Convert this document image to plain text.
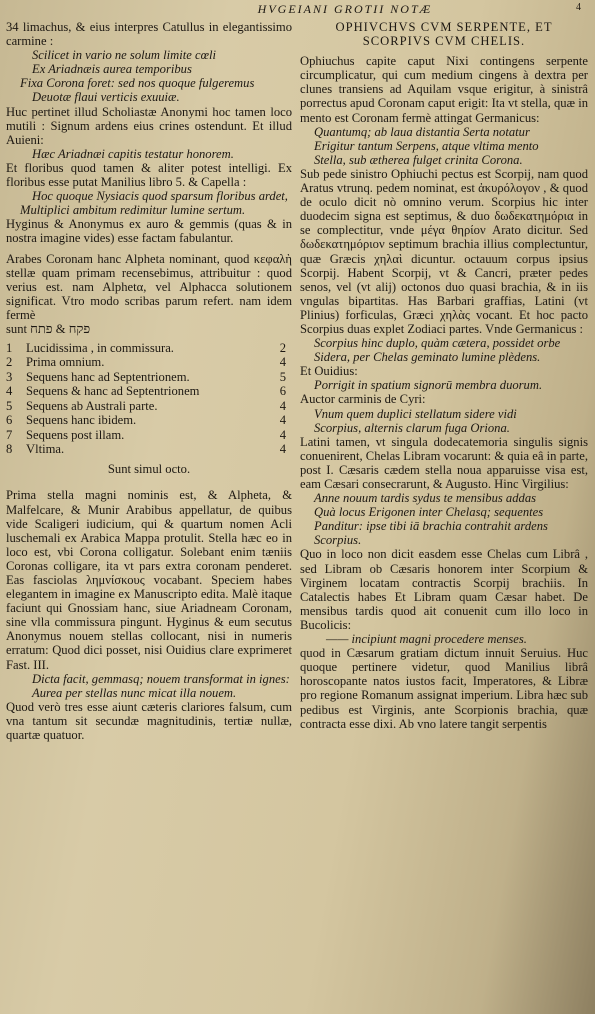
HVGEIANI GROTII NOTÆ	4

34 limachus, & eius interpres Catullus in elegantissimo carmine :

Scilicet in vario ne solum limite cœli

Ex Ariadnæis aurea temporibus

Fixa Corona foret: sed nos quoque fulgeremus

Deuotæ flaui verticis exuuiæ.

Huc pertinet illud Scholiastæ Anonymi hoc tamen loco mutili : Signum ardens eius crines ostendunt. Et illud Auieni:

Hæc Ariadnæi capitis testatur honorem.

Et floribus quod tamen & aliter potest intelligi. Ex floribus esse putat Manilius libro 5. & Capella :

Hoc quoque Nysiacis quod sparsum floribus ardet,

Multiplici ambitum redimitur lumine sertum.

Hyginus & Anonymus ex auro & gemmis (quas & in nostra imagine vides) esse factam fabulantur.

Arabes Coronam hanc Alpheta nominant, quod κεφαλὴ stellæ quam primam recensebimus, attribuitur : quod verius est. nam Alphetα, vel Alphacca solutionem significat. Vtro modo scribas parum refert. nam idem fermè

sunt	פקח & פתח

1	Lucidissima , in commissura.	2
2	Prima omnium.	4
3	Sequens hanc ad Septentrionem.	5
4	Sequens & hanc ad Septentrionem	6
5	Sequens ab Australi parte.	4
6	Sequens hanc ibidem.	4
7	Sequens post illam.	4
8	Vltima.	4

Sunt simul octo.

Prima stella magni nominis est, & Alpheta, & Malfelcare, & Munir Arabibus appellatur, de quibus vide Scaligeri iudicium, qui & quartum nomen Acli luschemali ex Arabica Mappa protulit. Stella hæc eo in loco est, vbi Corona colligatur. Solebant enim tæniis Coronas colligare, ita vt pars extra coronam penderet. Eas fasciolas λημνίσκους vocabant. Speciem habes elegantem in imagine ex Manuscripto edita. Malè itaque faciunt qui Gnossiam hanc, siue Ariadneam Coronam, sine vlla commissura pingunt. Hyginus & eum secutus Anonymus nouem stellas collocant, nisi in numeris erratum: Quod dici posset, nisi Ouidius clare exprimeret Fast. III.

Dicta facit, gemmasq; nouem transformat in ignes:

Aurea per stellas nunc micat illa nouem.

Quod verò tres esse aiunt cæteris clariores falsum, cum vna tantum sit secundæ magnitudinis, tertiæ nullæ, quartæ quatuor.

OPHIVCHVS CVM SERPENTE, ET

SCORPIVS CVM CHELIS.

Ophiuchus capite caput Nixi contingens serpente circumplicatur, qui cum medium cingens à dextra per clunes transiens ad Aquilam vsque erigitur, à sinistrâ porrectus apud Coronam caput erigit: Ita vt stella, quæ in mento est Coronam fermè attingat Germanicus:

Quantumq; ab laua distantia Serta notatur

Erigitur tantum Serpens, atque vltima mento

Stella, sub ætherea fulget crinita Corona.

Sub pede sinistro Ophiuchi pectus est Scorpij, nam quod Aratus vtrunq. pedem nominat, est ἀκυρόλογον , & quod de oculo dicit nò omnino verum. Scorpius hic inter duodecim signa est septimus, & duo δωδεκατημόρια in se complectitur, vnde μέγα θηρίον Arato dicitur. Sed δωδεκατημόριον septimum brachia illius complectuntur, quæ Græcis χηλαὶ dicuntur. octauum corpus ipsius Scorpij. Habent Scorpij, vt & Cancri, præter pedes senos, vel (vt alij) octonos duo quasi brachia, & in iis vngulas bipartitas. Has Barbari graffias, Latini (vt Plinius) forficulas, Græci χηλὰς vocant. Et hoc pacto Scorpius duas explet Zodiaci partes. Vnde Germanicus :

Scorpius hinc duplo, quàm cætera, possidet orbe

Sidera, per Chelas geminato lumine plèdens.

Et Ouidius:

Porrigit in spatium signorū membra duorum.

Auctor carminis de Cyri:

Vnum quem duplici stellatum sidere vidi

Scorpius, alternis clarum fuga Oriona.

Latini tamen, vt singula dodecatemoria singulis signis conuenirent, Chelas Libram vocarunt: & quia eâ in parte, post I. Cæsaris cædem stella noua apparuisse visa est, eam Cæsari consecrarunt, & Augusto. Hinc Virgilius:

Anne nouum tardis sydus te mensibus addas

Quà locus Erigonen inter Chelasq; sequentes

Panditur: ipse tibi iā brachia contrahit ardens

Scorpius.

Quo in loco non dicit easdem esse Chelas cum Librâ , sed Libram ob Cæsaris honorem inter Scorpium & Virginem locatam contractis Scorpij brachiis. In Catalectis habes Et Libram quam Cæsar habet. De mensibus tardis quod ait conuenit cum illo loco in Bucolicis:

—— incipiunt magni procedere menses.

quod in Cæsarum gratiam dictum innuit Seruius. Huc quoque pertinere videtur, quod Manilius librâ horoscopante natos iustos facit, Imperatores, & Libræ pro regione Romanum assignat imperium. Libra hæc sub pedibus est Virginis, ante Scorpionis brachia, quæ contracta esse dixi. Ab vno latere tangit serpentis
